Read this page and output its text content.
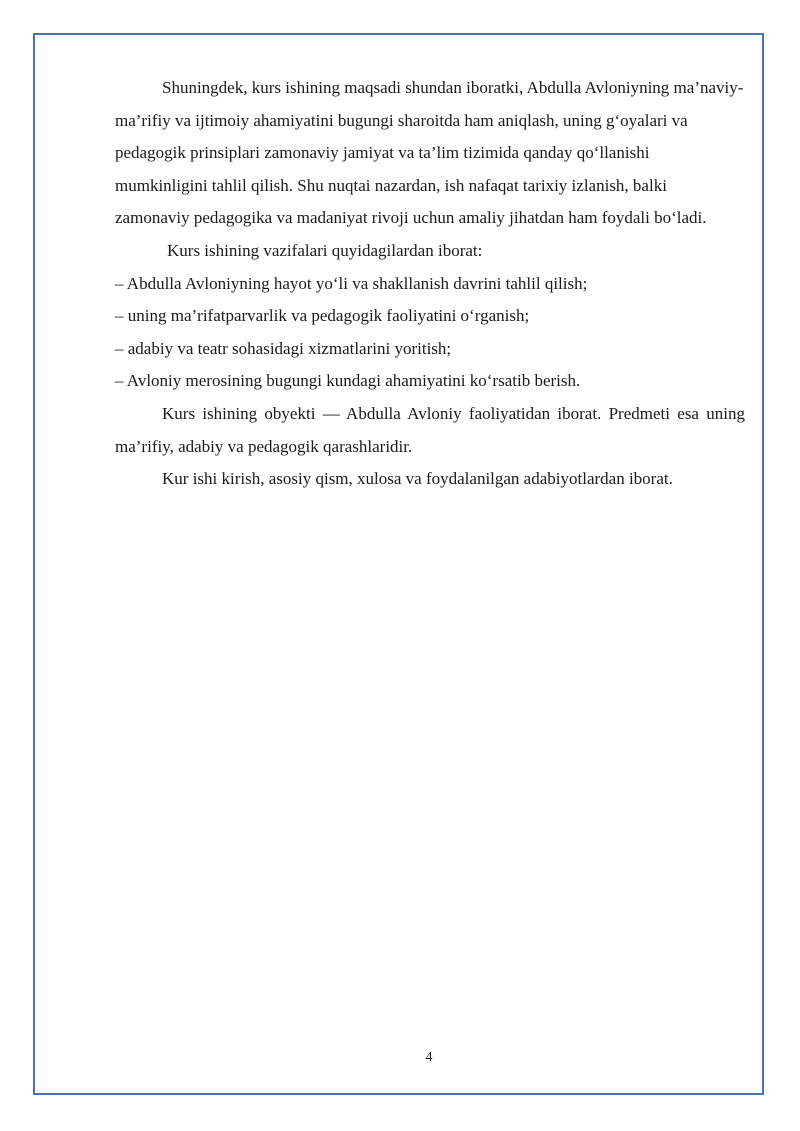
Shuningdek, kurs ishining maqsadi shundan iboratki, Abdulla Avloniyning ma’naviy-ma’rifiy va ijtimoiy ahamiyatini bugungi sharoitda ham aniqlash, uning g‘oyalari va pedagogik prinsiplari zamonaviy jamiyat va ta’lim tizimida qanday qo‘llanishi mumkinligini tahlil qilish. Shu nuqtai nazardan, ish nafaqat tarixiy izlanish, balki zamonaviy pedagogika va madaniyat rivoji uchun amaliy jihatdan ham foydali bo‘ladi.

Kurs ishining vazifalari quyidagilardan iborat:

– Abdulla Avloniyning hayot yo‘li va shakllanish davrini tahlil qilish;
– uning ma’rifatparvarlik va pedagogik faoliyatini o‘rganish;
– adabiy va teatr sohasidagi xizmatlarini yoritish;
– Avloniy merosining bugungi kundagi ahamiyatini ko‘rsatib berish.

Kurs ishining obyekti — Abdulla Avloniy faoliyatidan iborat. Predmeti esa uning ma’rifiy, adabiy va pedagogik qarashlaridir.

Kur ishi kirish, asosiy qism, xulosa va foydalanilgan adabiyotlardan iborat.

4
